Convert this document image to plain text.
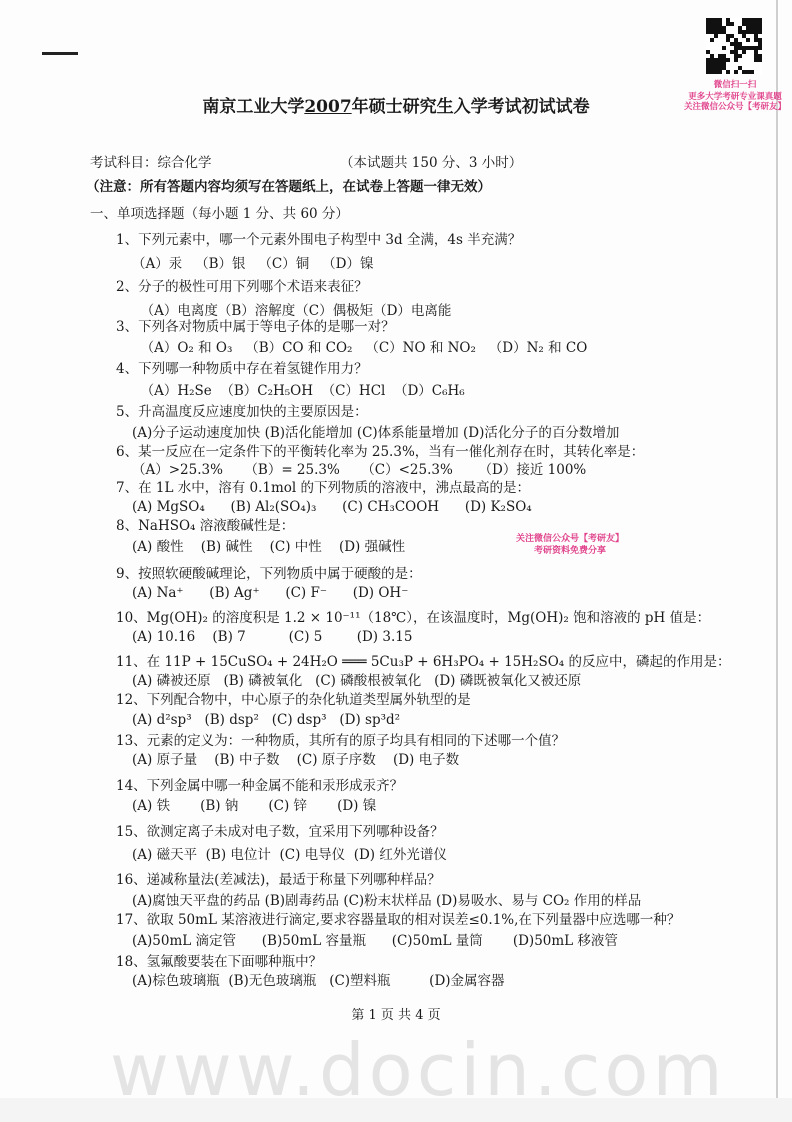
微信扫一扫
更多大学考研专业课真题
关注微信公众号【考研友】
南京工业大学2007年硕士研究生入学考试初试试卷
考试科目：综合化学	（本试题共 150 分、3 小时）
（注意：所有答题内容均须写在答题纸上，在试卷上答题一律无效）
一、单项选择题（每小题 1 分、共 60 分）
1、下列元素中，哪一个元素外围电子构型中 3d 全满，4s 半充满？
（A）汞   （B）银   （C）铜   （D）镍
2、分子的极性可用下列哪个术语来表征？
（A）电离度（B）溶解度（C）偶极矩（D）电离能
3、下列各对物质中属于等电子体的是哪一对？
（A）O₂ 和 O₃   （B）CO 和 CO₂   （C）NO 和 NO₂   （D）N₂ 和 CO
4、下列哪一种物质中存在着氢键作用力？
（A）H₂Se  （B）C₂H₅OH  （C）HCl  （D）C₆H₆
5、升高温度反应速度加快的主要原因是：
(A)分子运动速度加快 (B)活化能增加 (C)体系能量增加 (D)活化分子的百分数增加
6、某一反应在一定条件下的平衡转化率为 25.3%，当有一催化剂存在时，其转化率是：
（A）>25.3%     （B）= 25.3%     （C）<25.3%      （D）接近 100%
7、在 1L 水中，溶有 0.1mol 的下列物质的溶液中，沸点最高的是：
(A) MgSO₄      (B) Al₂(SO₄)₃      (C) CH₃COOH      (D) K₂SO₄
8、NaHSO₄ 溶液酸碱性是：
(A) 酸性    (B) 碱性    (C) 中性    (D) 强碱性
9、按照软硬酸碱理论，下列物质中属于硬酸的是：
(A) Na⁺      (B) Ag⁺      (C) F⁻      (D) OH⁻
10、Mg(OH)₂ 的溶度积是 1.2 × 10⁻¹¹（18℃），在该温度时，Mg(OH)₂ 饱和溶液的 pH 值是：
(A) 10.16    (B) 7          (C) 5        (D) 3.15
11、在 11P + 15CuSO₄ + 24H₂O ═══ 5Cu₃P + 6H₃PO₄ + 15H₂SO₄ 的反应中，磷起的作用是：
(A) 磷被还原   (B) 磷被氧化   (C) 磷酸根被氧化   (D) 磷既被氧化又被还原
12、下列配合物中，中心原子的杂化轨道类型属外轨型的是
(A) d²sp³   (B) dsp²   (C) dsp³   (D) sp³d²
13、元素的定义为：一种物质，其所有的原子均具有相同的下述哪一个值？
(A) 原子量    (B) 中子数    (C) 原子序数    (D) 电子数
14、下列金属中哪一种金属不能和汞形成汞齐？
(A) 铁       (B) 钠       (C) 锌       (D) 镍
15、欲测定离子未成对电子数，宜采用下列哪种设备？
(A) 磁天平  (B) 电位计  (C) 电导仪  (D) 红外光谱仪
16、递减称量法(差减法)，最适于称量下列哪种样品？
(A)腐蚀天平盘的药品 (B)剧毒药品 (C)粉末状样品 (D)易吸水、易与 CO₂ 作用的样品
17、欲取 50mL 某溶液进行滴定,要求容器量取的相对误差≤0.1%,在下列量器中应选哪一种？
(A)50mL 滴定管      (B)50mL 容量瓶      (C)50mL 量筒       (D)50mL 移液管
18、氢氟酸要装在下面哪种瓶中？
(A)棕色玻璃瓶  (B)无色玻璃瓶   (C)塑料瓶         (D)金属容器
www.docin.com
关注微信公众号【考研友】
考研资料免费分享
第 1 页 共 4 页
